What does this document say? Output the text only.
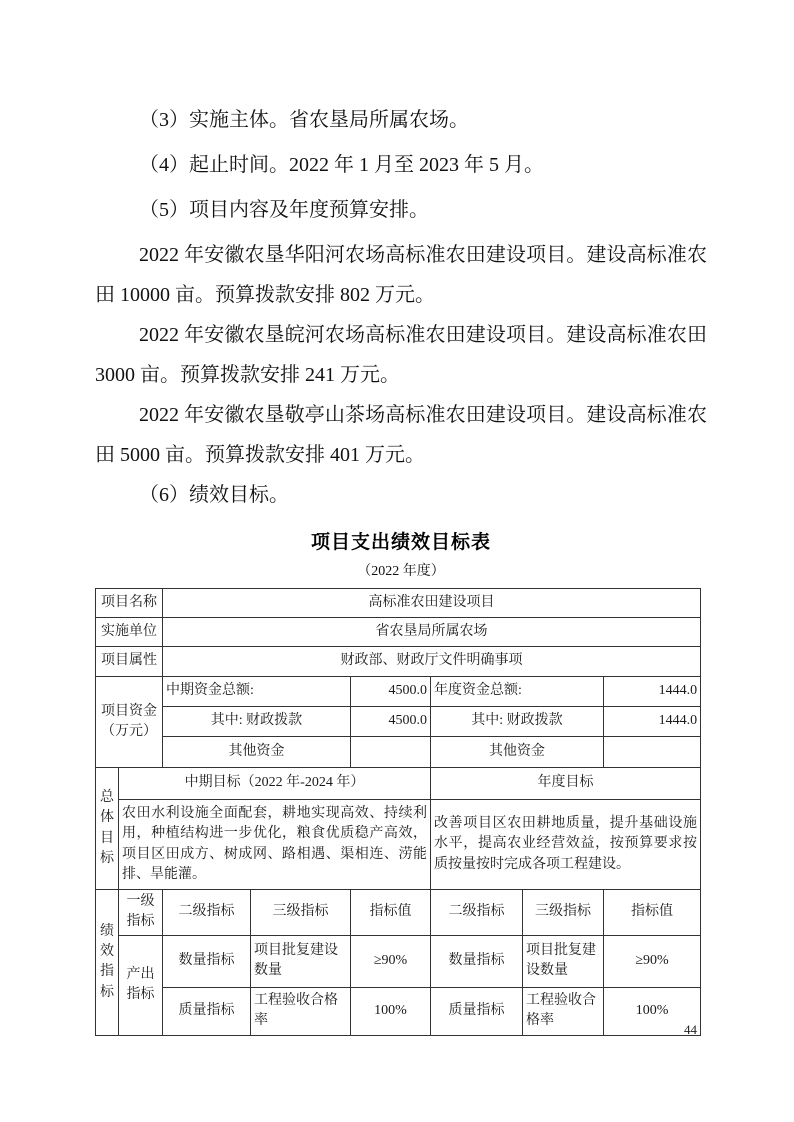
（3）实施主体。省农垦局所属农场。

（4）起止时间。2022 年 1 月至 2023 年 5 月。

（5）项目内容及年度预算安排。

2022 年安徽农垦华阳河农场高标准农田建设项目。建设高标准农田 10000 亩。预算拨款安排 802 万元。

2022 年安徽农垦皖河农场高标准农田建设项目。建设高标准农田 3000 亩。预算拨款安排 241 万元。

2022 年安徽农垦敬亭山茶场高标准农田建设项目。建设高标准农田 5000 亩。预算拨款安排 401 万元。

（6）绩效目标。

项目支出绩效目标表
（2022 年度）
项目名称		高标准农田建设项目					
实施单位		省农垦局所属农场					
项目属性		财政部、财政厅文件明确事项					

项目资金
（万元）		中期资金总额:		4500.0	年度资金总额:		1444.0
		其中: 财政拨款		4500.0	其中: 财政拨款		1444.0
		其他资金			其他资金		
总体目标	中期目标（2022 年-2024 年）				年度目标		
	农田水利设施全面配套，耕地实现高效、持续利用，种植结构进一步优化，粮食优质稳产高效，项目区田成方、树成网、路相遇、渠相连、涝能排、旱能灌。				改善项目区农田耕地质量，提升基础设施水平，提高农业经营效益，按预算要求按质按量按时完成各项工程建设。		
绩效指标	一级指标	二级指标	三级指标	指标值	二级指标	三级指标	指标值
	产出指标	数量指标	项目批复建设数量	≥90%	数量指标	项目批复建设数量	≥90%
		质量指标	工程验收合格率	100%	质量指标	工程验收合格率	100%
44
